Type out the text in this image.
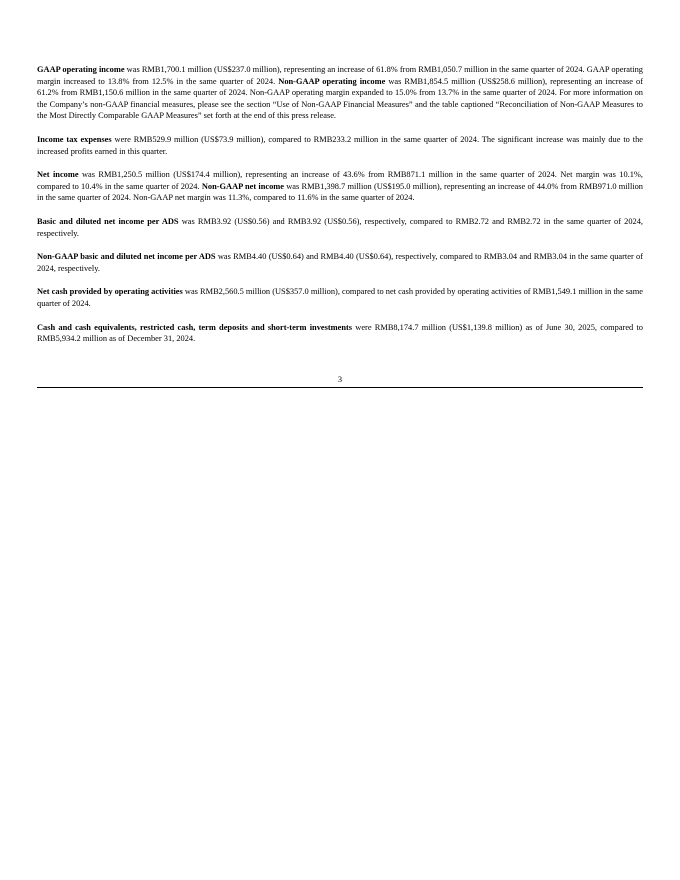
GAAP operating income was RMB1,700.1 million (US$237.0 million), representing an increase of 61.8% from RMB1,050.7 million in the same quarter of 2024. GAAP operating margin increased to 13.8% from 12.5% in the same quarter of 2024. Non-GAAP operating income was RMB1,854.5 million (US$258.6 million), representing an increase of 61.2% from RMB1,150.6 million in the same quarter of 2024. Non-GAAP operating margin expanded to 15.0% from 13.7% in the same quarter of 2024. For more information on the Company’s non-GAAP financial measures, please see the section “Use of Non-GAAP Financial Measures” and the table captioned “Reconciliation of Non-GAAP Measures to the Most Directly Comparable GAAP Measures” set forth at the end of this press release.

Income tax expenses were RMB529.9 million (US$73.9 million), compared to RMB233.2 million in the same quarter of 2024. The significant increase was mainly due to the increased profits earned in this quarter.

Net income was RMB1,250.5 million (US$174.4 million), representing an increase of 43.6% from RMB871.1 million in the same quarter of 2024. Net margin was 10.1%, compared to 10.4% in the same quarter of 2024. Non-GAAP net income was RMB1,398.7 million (US$195.0 million), representing an increase of 44.0% from RMB971.0 million in the same quarter of 2024. Non-GAAP net margin was 11.3%, compared to 11.6% in the same quarter of 2024.

Basic and diluted net income per ADS was RMB3.92 (US$0.56) and RMB3.92 (US$0.56), respectively, compared to RMB2.72 and RMB2.72 in the same quarter of 2024, respectively.

Non-GAAP basic and diluted net income per ADS was RMB4.40 (US$0.64) and RMB4.40 (US$0.64), respectively, compared to RMB3.04 and RMB3.04 in the same quarter of 2024, respectively.

Net cash provided by operating activities was RMB2,560.5 million (US$357.0 million), compared to net cash provided by operating activities of RMB1,549.1 million in the same quarter of 2024.

Cash and cash equivalents, restricted cash, term deposits and short-term investments were RMB8,174.7 million (US$1,139.8 million) as of June 30, 2025, compared to RMB5,934.2 million as of December 31, 2024.

3
